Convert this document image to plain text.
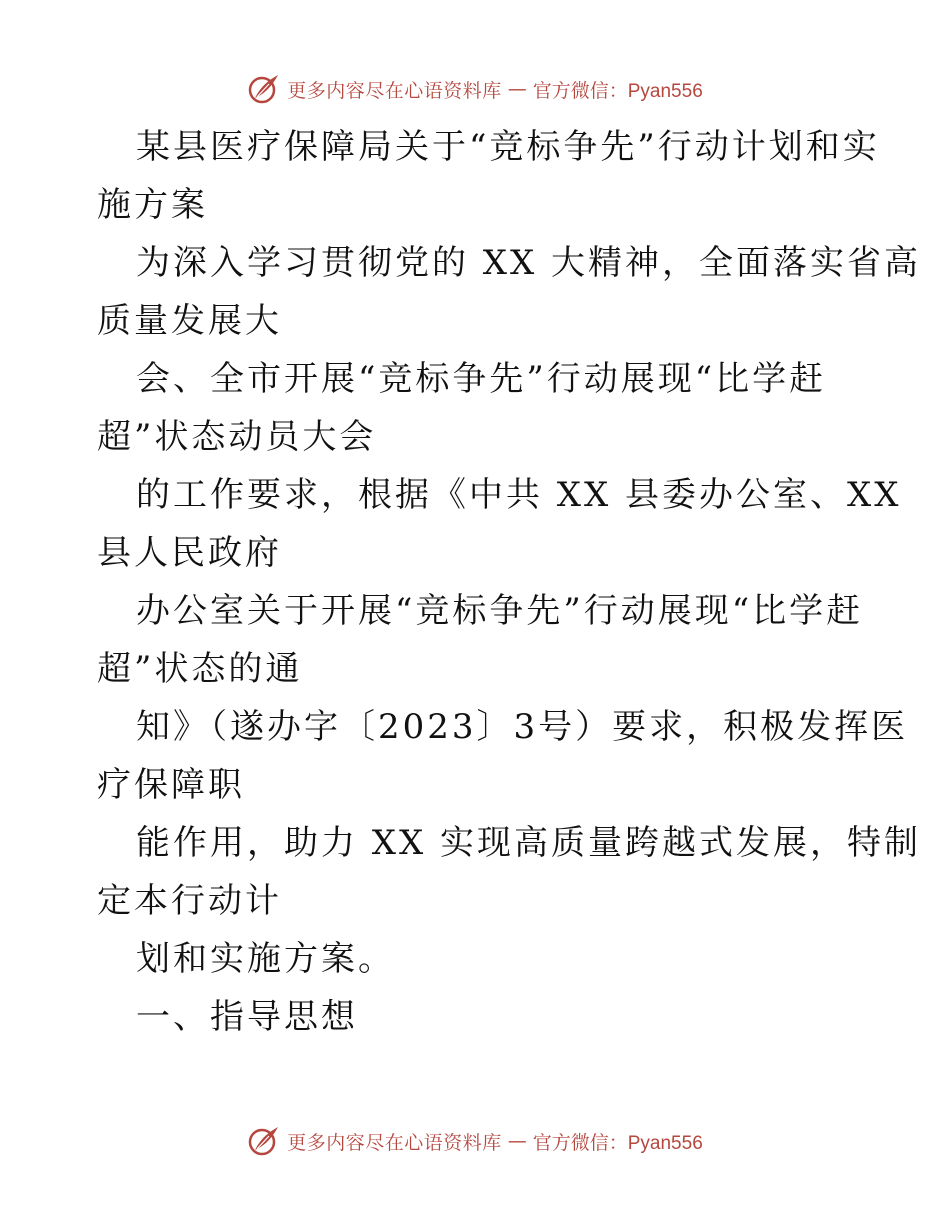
更多内容尽在心语资料库 — 官方微信：Pyan556
某县医疗保障局关于“竞标争先”行动计划和实
施方案
为深入学习贯彻党的 XX 大精神，全面落实省高
质量发展大
会、全市开展“竞标争先”行动展现“比学赶
超”状态动员大会
的工作要求，根据《中共 XX 县委办公室、XX
县人民政府
办公室关于开展“竞标争先”行动展现“比学赶
超”状态的通
知》（遂办字〔2023〕3号）要求，积极发挥医
疗保障职
能作用，助力 XX 实现高质量跨越式发展，特制
定本行动计
划和实施方案。
一、指导思想
更多内容尽在心语资料库 — 官方微信：Pyan556
